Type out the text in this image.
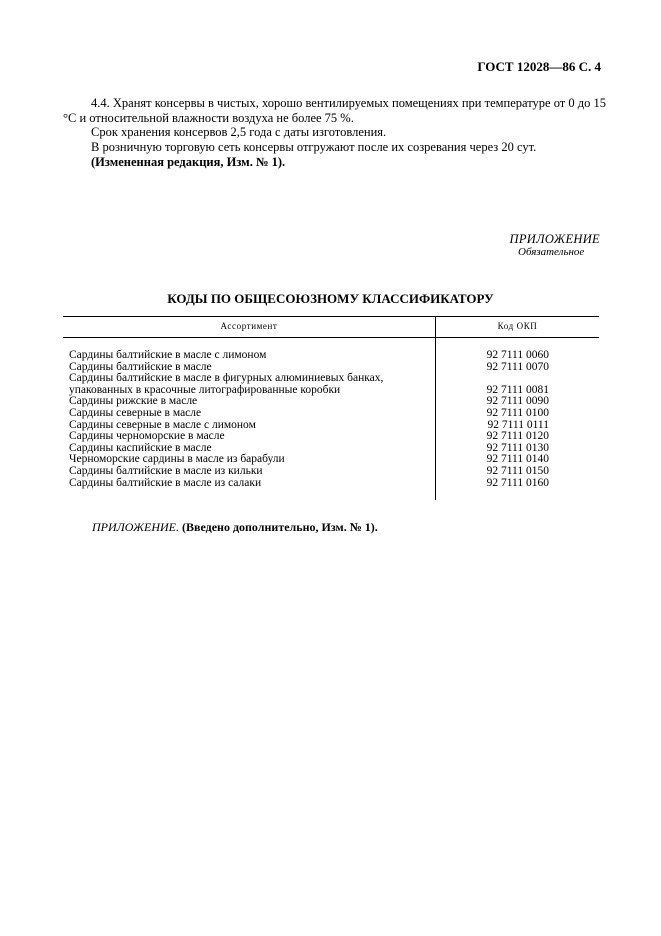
ГОСТ 12028—86 С. 4
4.4. Хранят консервы в чистых, хорошо вентилируемых помещениях при температуре от 0 до 15 °С и относительной влажности воздуха не более 75 %.
Срок хранения консервов 2,5 года с даты изготовления.
В розничную торговую сеть консервы отгружают после их созревания через 20 сут.
(Измененная редакция, Изм. № 1).
ПРИЛОЖЕНИЕ
Обязательное
КОДЫ ПО ОБЩЕСОЮЗНОМУ КЛАССИФИКАТОРУ
Ассортимент	Код ОКП
Сардины балтийские в масле с лимоном	92 7111 0060
Сардины балтийские в масле	92 7111 0070
Сардины балтийские в масле в фигурных алюминиевых банках, упакованных в красочные литографированные коробки	92 7111 0081
Сардины рижские в масле	92 7111 0090
Сардины северные в масле	92 7111 0100
Сардины северные в масле с лимоном	92 7111 0111
Сардины черноморские в масле	92 7111 0120
Сардины каспийские в масле	92 7111 0130
Черноморские сардины в масле из барабули	92 7111 0140
Сардины балтийские в масле из кильки	92 7111 0150
Сардины балтийские в масле из салаки	92 7111 0160
ПРИЛОЖЕНИЕ. (Введено дополнительно, Изм. № 1).
